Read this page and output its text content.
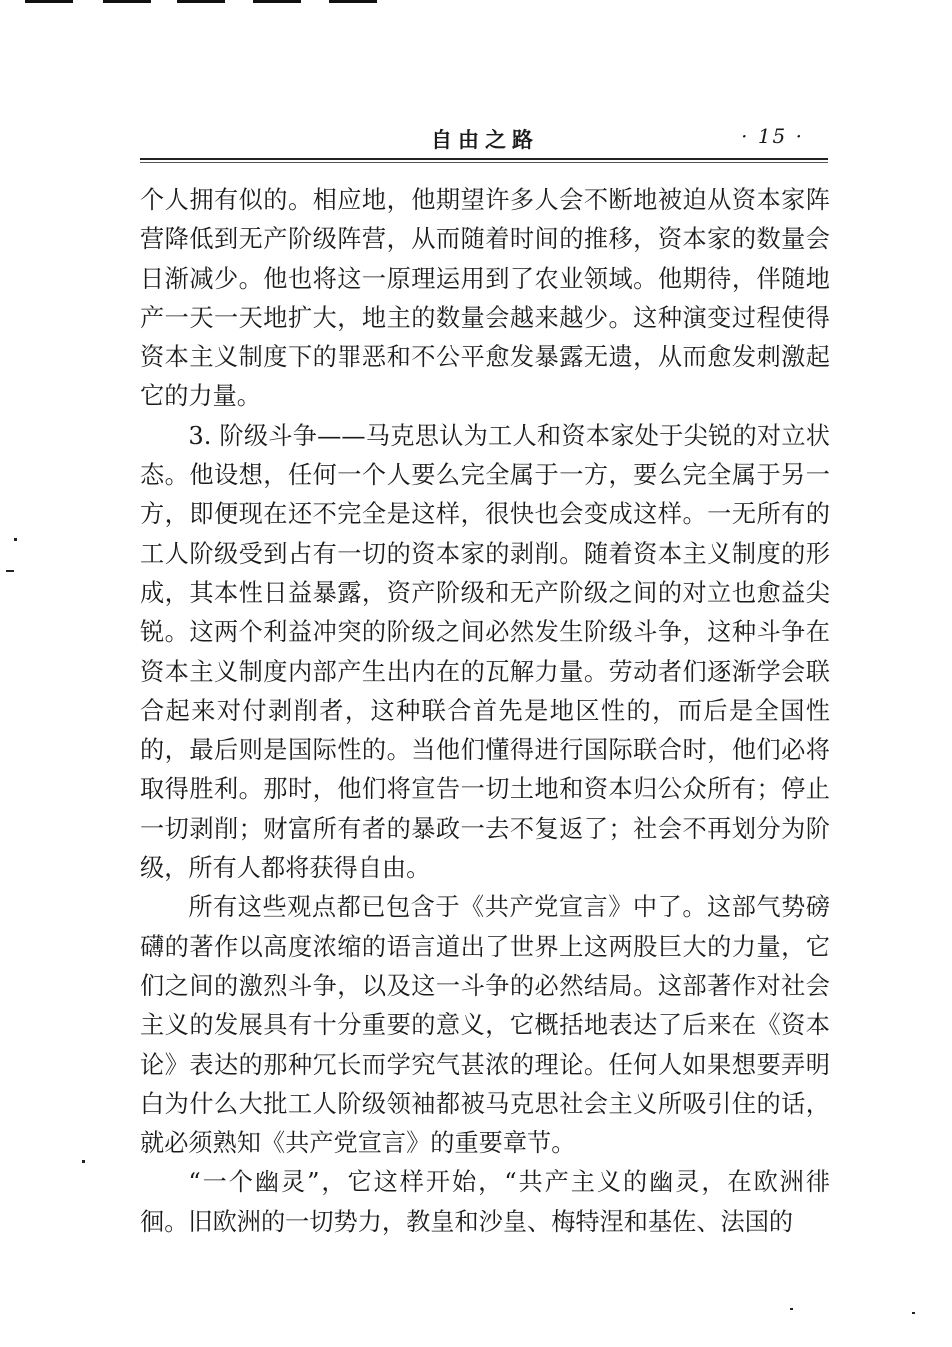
自由之路	· 15 ·

个人拥有似的。相应地，他期望许多人会不断地被迫从资本家阵营降低到无产阶级阵营，从而随着时间的推移，资本家的数量会日渐减少。他也将这一原理运用到了农业领域。他期待，伴随地产一天一天地扩大，地主的数量会越来越少。这种演变过程使得资本主义制度下的罪恶和不公平愈发暴露无遗，从而愈发刺激起它的力量。

3. 阶级斗争——马克思认为工人和资本家处于尖锐的对立状态。他设想，任何一个人要么完全属于一方，要么完全属于另一方，即便现在还不完全是这样，很快也会变成这样。一无所有的工人阶级受到占有一切的资本家的剥削。随着资本主义制度的形成，其本性日益暴露，资产阶级和无产阶级之间的对立也愈益尖锐。这两个利益冲突的阶级之间必然发生阶级斗争，这种斗争在资本主义制度内部产生出内在的瓦解力量。劳动者们逐渐学会联合起来对付剥削者，这种联合首先是地区性的，而后是全国性的，最后则是国际性的。当他们懂得进行国际联合时，他们必将取得胜利。那时，他们将宣告一切土地和资本归公众所有；停止一切剥削；财富所有者的暴政一去不复返了；社会不再划分为阶级，所有人都将获得自由。

所有这些观点都已包含于《共产党宣言》中了。这部气势磅礴的著作以高度浓缩的语言道出了世界上这两股巨大的力量，它们之间的激烈斗争，以及这一斗争的必然结局。这部著作对社会主义的发展具有十分重要的意义，它概括地表达了后来在《资本论》表达的那种冗长而学究气甚浓的理论。任何人如果想要弄明白为什么大批工人阶级领袖都被马克思社会主义所吸引住的话，就必须熟知《共产党宣言》的重要章节。

“一个幽灵”，它这样开始，“共产主义的幽灵，在欧洲徘徊。旧欧洲的一切势力，教皇和沙皇、梅特涅和基佐、法国的
